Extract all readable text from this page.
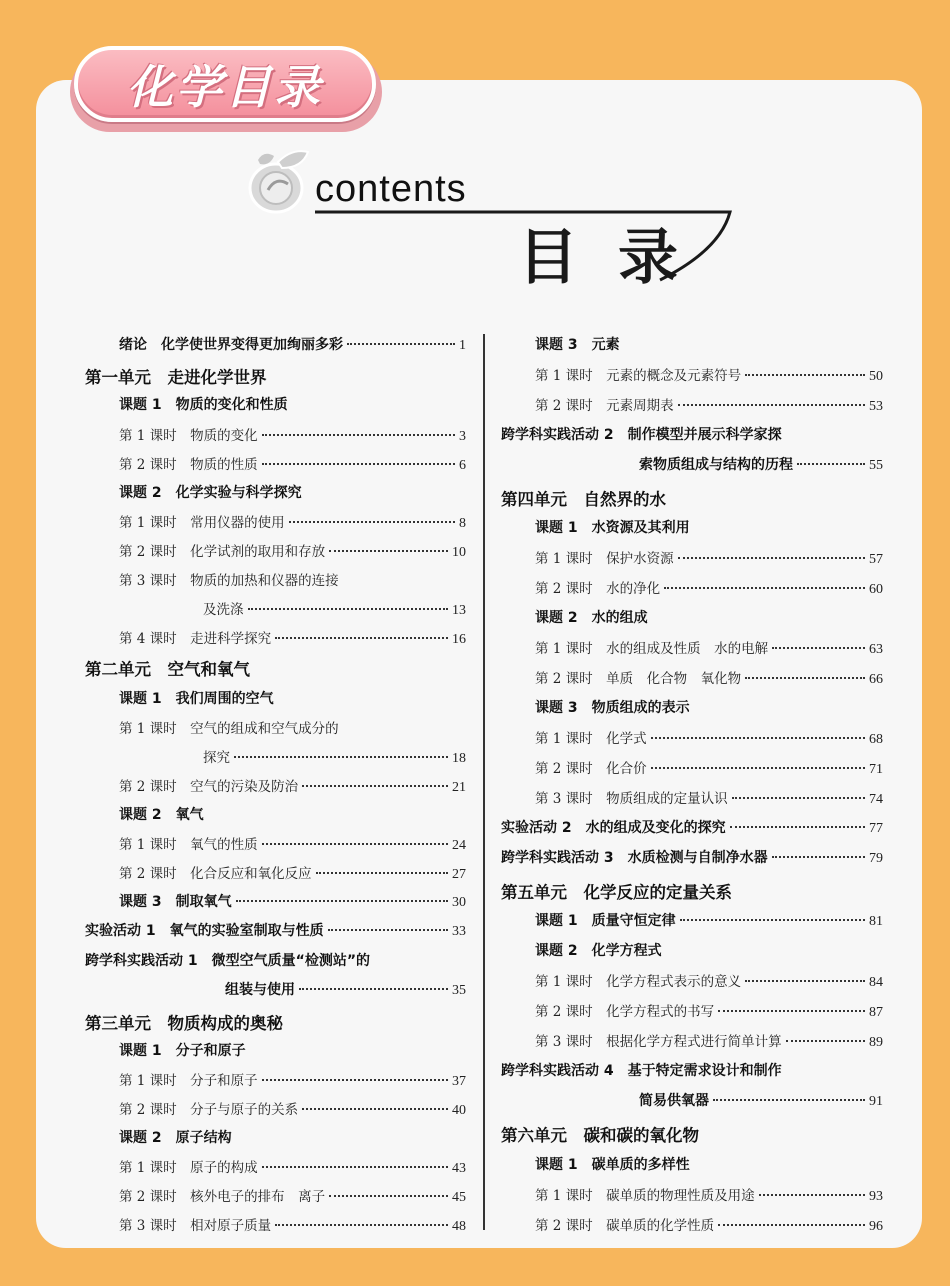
化学目录
contents
目录
绪论　化学使世界变得更加绚丽多彩	1
第一单元　走进化学世界
课题 1　物质的变化和性质
第 1 课时　物质的变化	3
第 2 课时　物质的性质	6
课题 2　化学实验与科学探究
第 1 课时　常用仪器的使用	8
第 2 课时　化学试剂的取用和存放	10
第 3 课时　物质的加热和仪器的连接
及洗涤	13
第 4 课时　走进科学探究	16
第二单元　空气和氧气
课题 1　我们周围的空气
第 1 课时　空气的组成和空气成分的
探究	18
第 2 课时　空气的污染及防治	21
课题 2　氧气
第 1 课时　氧气的性质	24
第 2 课时　化合反应和氧化反应	27
课题 3　制取氧气	30
实验活动 1　氧气的实验室制取与性质	33
跨学科实践活动 1　微型空气质量“检测站”的
组装与使用	35
第三单元　物质构成的奥秘
课题 1　分子和原子
第 1 课时　分子和原子	37
第 2 课时　分子与原子的关系	40
课题 2　原子结构
第 1 课时　原子的构成	43
第 2 课时　核外电子的排布　离子	45
第 3 课时　相对原子质量	48
课题 3　元素
第 1 课时　元素的概念及元素符号	50
第 2 课时　元素周期表	53
跨学科实践活动 2　制作模型并展示科学家探
索物质组成与结构的历程	55
第四单元　自然界的水
课题 1　水资源及其利用
第 1 课时　保护水资源	57
第 2 课时　水的净化	60
课题 2　水的组成
第 1 课时　水的组成及性质　水的电解	63
第 2 课时　单质　化合物　氧化物	66
课题 3　物质组成的表示
第 1 课时　化学式	68
第 2 课时　化合价	71
第 3 课时　物质组成的定量认识	74
实验活动 2　水的组成及变化的探究	77
跨学科实践活动 3　水质检测与自制净水器	79
第五单元　化学反应的定量关系
课题 1　质量守恒定律	81
课题 2　化学方程式
第 1 课时　化学方程式表示的意义	84
第 2 课时　化学方程式的书写	87
第 3 课时　根据化学方程式进行简单计算	89
跨学科实践活动 4　基于特定需求设计和制作
简易供氧器	91
第六单元　碳和碳的氧化物
课题 1　碳单质的多样性
第 1 课时　碳单质的物理性质及用途	93
第 2 课时　碳单质的化学性质	96
